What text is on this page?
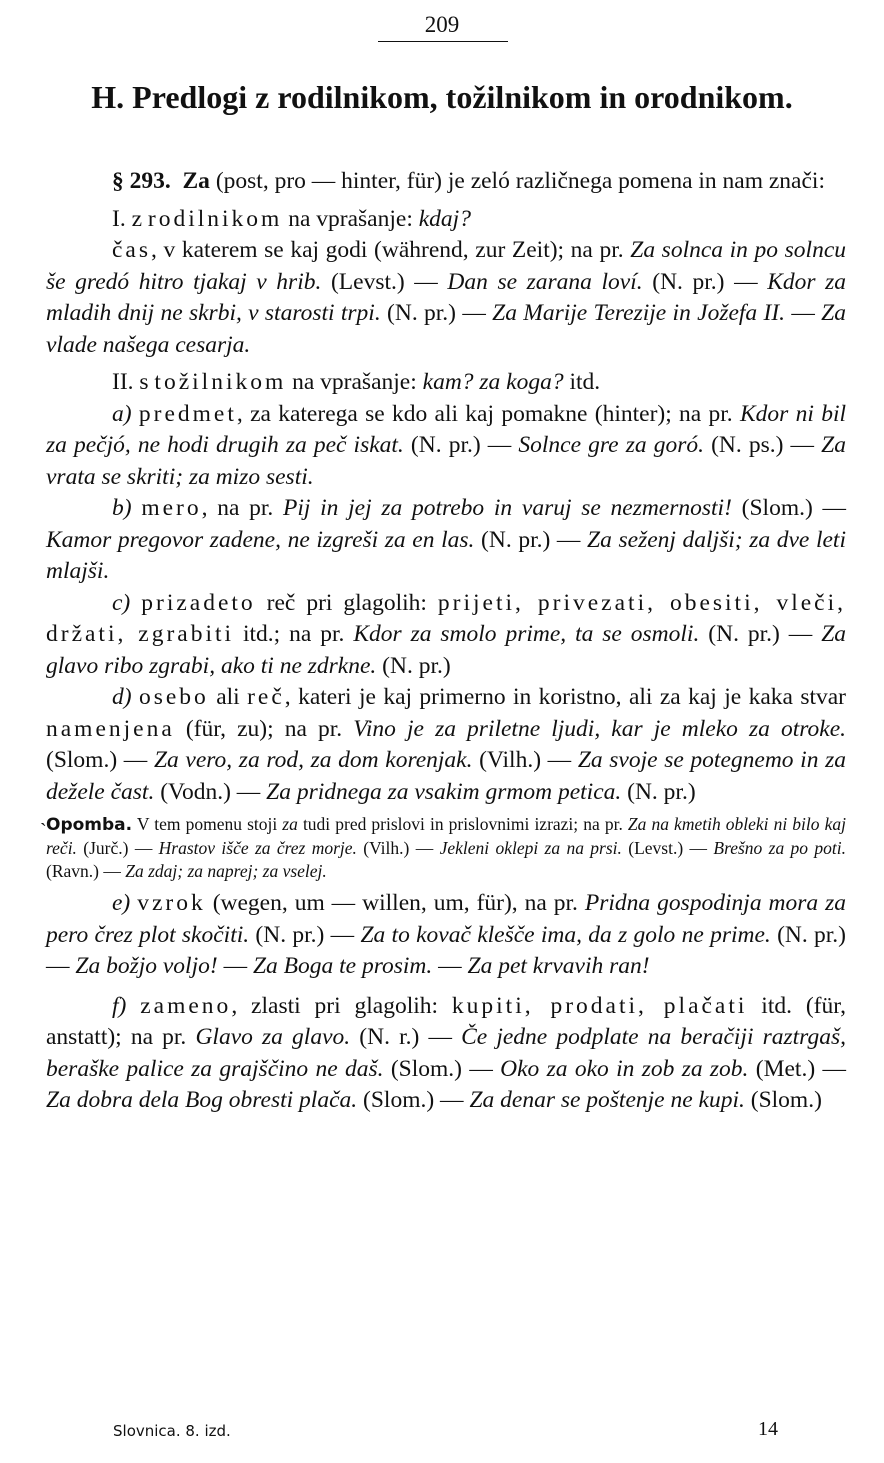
209
H. Predlogi z rodilnikom, tožilnikom in orodnikom.

§ 293. Za (post, pro — hinter, für) je zeló različnega pomena in nam znači:

I. z rodilnikom na vprašanje: kdaj?

čas, v katerem se kaj godi (während, zur Zeit); na pr. Za solnca in po solncu še gredó hitro tjakaj v hrib. (Levst.) — Dan se zarana loví. (N. pr.) — Kdor za mladih dnij ne skrbi, v starosti trpi. (N. pr.) — Za Marije Terezije in Jožefa II. — Za vlade našega cesarja.

II. s tožilnikom na vprašanje: kam? za koga? itd.

a) predmet, za katerega se kdo ali kaj pomakne (hinter); na pr. Kdor ni bil za pečjó, ne hodi drugih za peč iskat. (N. pr.) — Solnce gre za goró. (N. ps.) — Za vrata se skriti; za mizo sesti.

b) mero, na pr. Pij in jej za potrebo in varuj se nezmernosti! (Slom.) — Kamor pregovor zadene, ne izgreši za en las. (N. pr.) — Za seženj daljši; za dve leti mlajši.

c) prizadeto reč pri glagolih: prijeti, privezati, obesiti, vleči, držati, zgrabiti itd.; na pr. Kdor za smolo prime, ta se osmoli. (N. pr.) — Za glavo ribo zgrabi, ako ti ne zdrkne. (N. pr.)

d) osebo ali reč, kateri je kaj primerno in koristno, ali za kaj je kaka stvar namenjena (für, zu); na pr. Vino je za priletne ljudi, kar je mleko za otroke. (Slom.) — Za vero, za rod, za dom korenjak. (Vilh.) — Za svoje se potegnemo in za dežele čast. (Vodn.) — Za pridnega za vsakim grmom petica. (N. pr.)

Opomba. V tem pomenu stoji za tudi pred prislovi in prislovnimi izrazi; na pr. Za na kmetih obleki ni bilo kaj reči. (Jurč.) — Hrastov išče za črez morje. (Vilh.) — Jekleni oklepi za na prsi. (Levst.) — Brešno za po poti. (Ravn.) — Za zdaj; za naprej; za vselej.

e) vzrok (wegen, um — willen, um, für), na pr. Pridna gospodinja mora za pero črez plot skočiti. (N. pr.) — Za to kovač klešče ima, da z golo ne prime. (N. pr.) — Za božjo voljo! — Za Boga te prosim. — Za pet krvavih ran!

f) zameno, zlasti pri glagolih: kupiti, prodati, plačati itd. (für, anstatt); na pr. Glavo za glavo. (N. r.) — Če jedne podplate na beračiji raztrgaš, beraške palice za grajščino ne daš. (Slom.) — Oko za oko in zob za zob. (Met.) — Za dobra dela Bog obresti plača. (Slom.) — Za denar se poštenje ne kupi. (Slom.)

ˋ
Slovnica. 8. izd.	14
